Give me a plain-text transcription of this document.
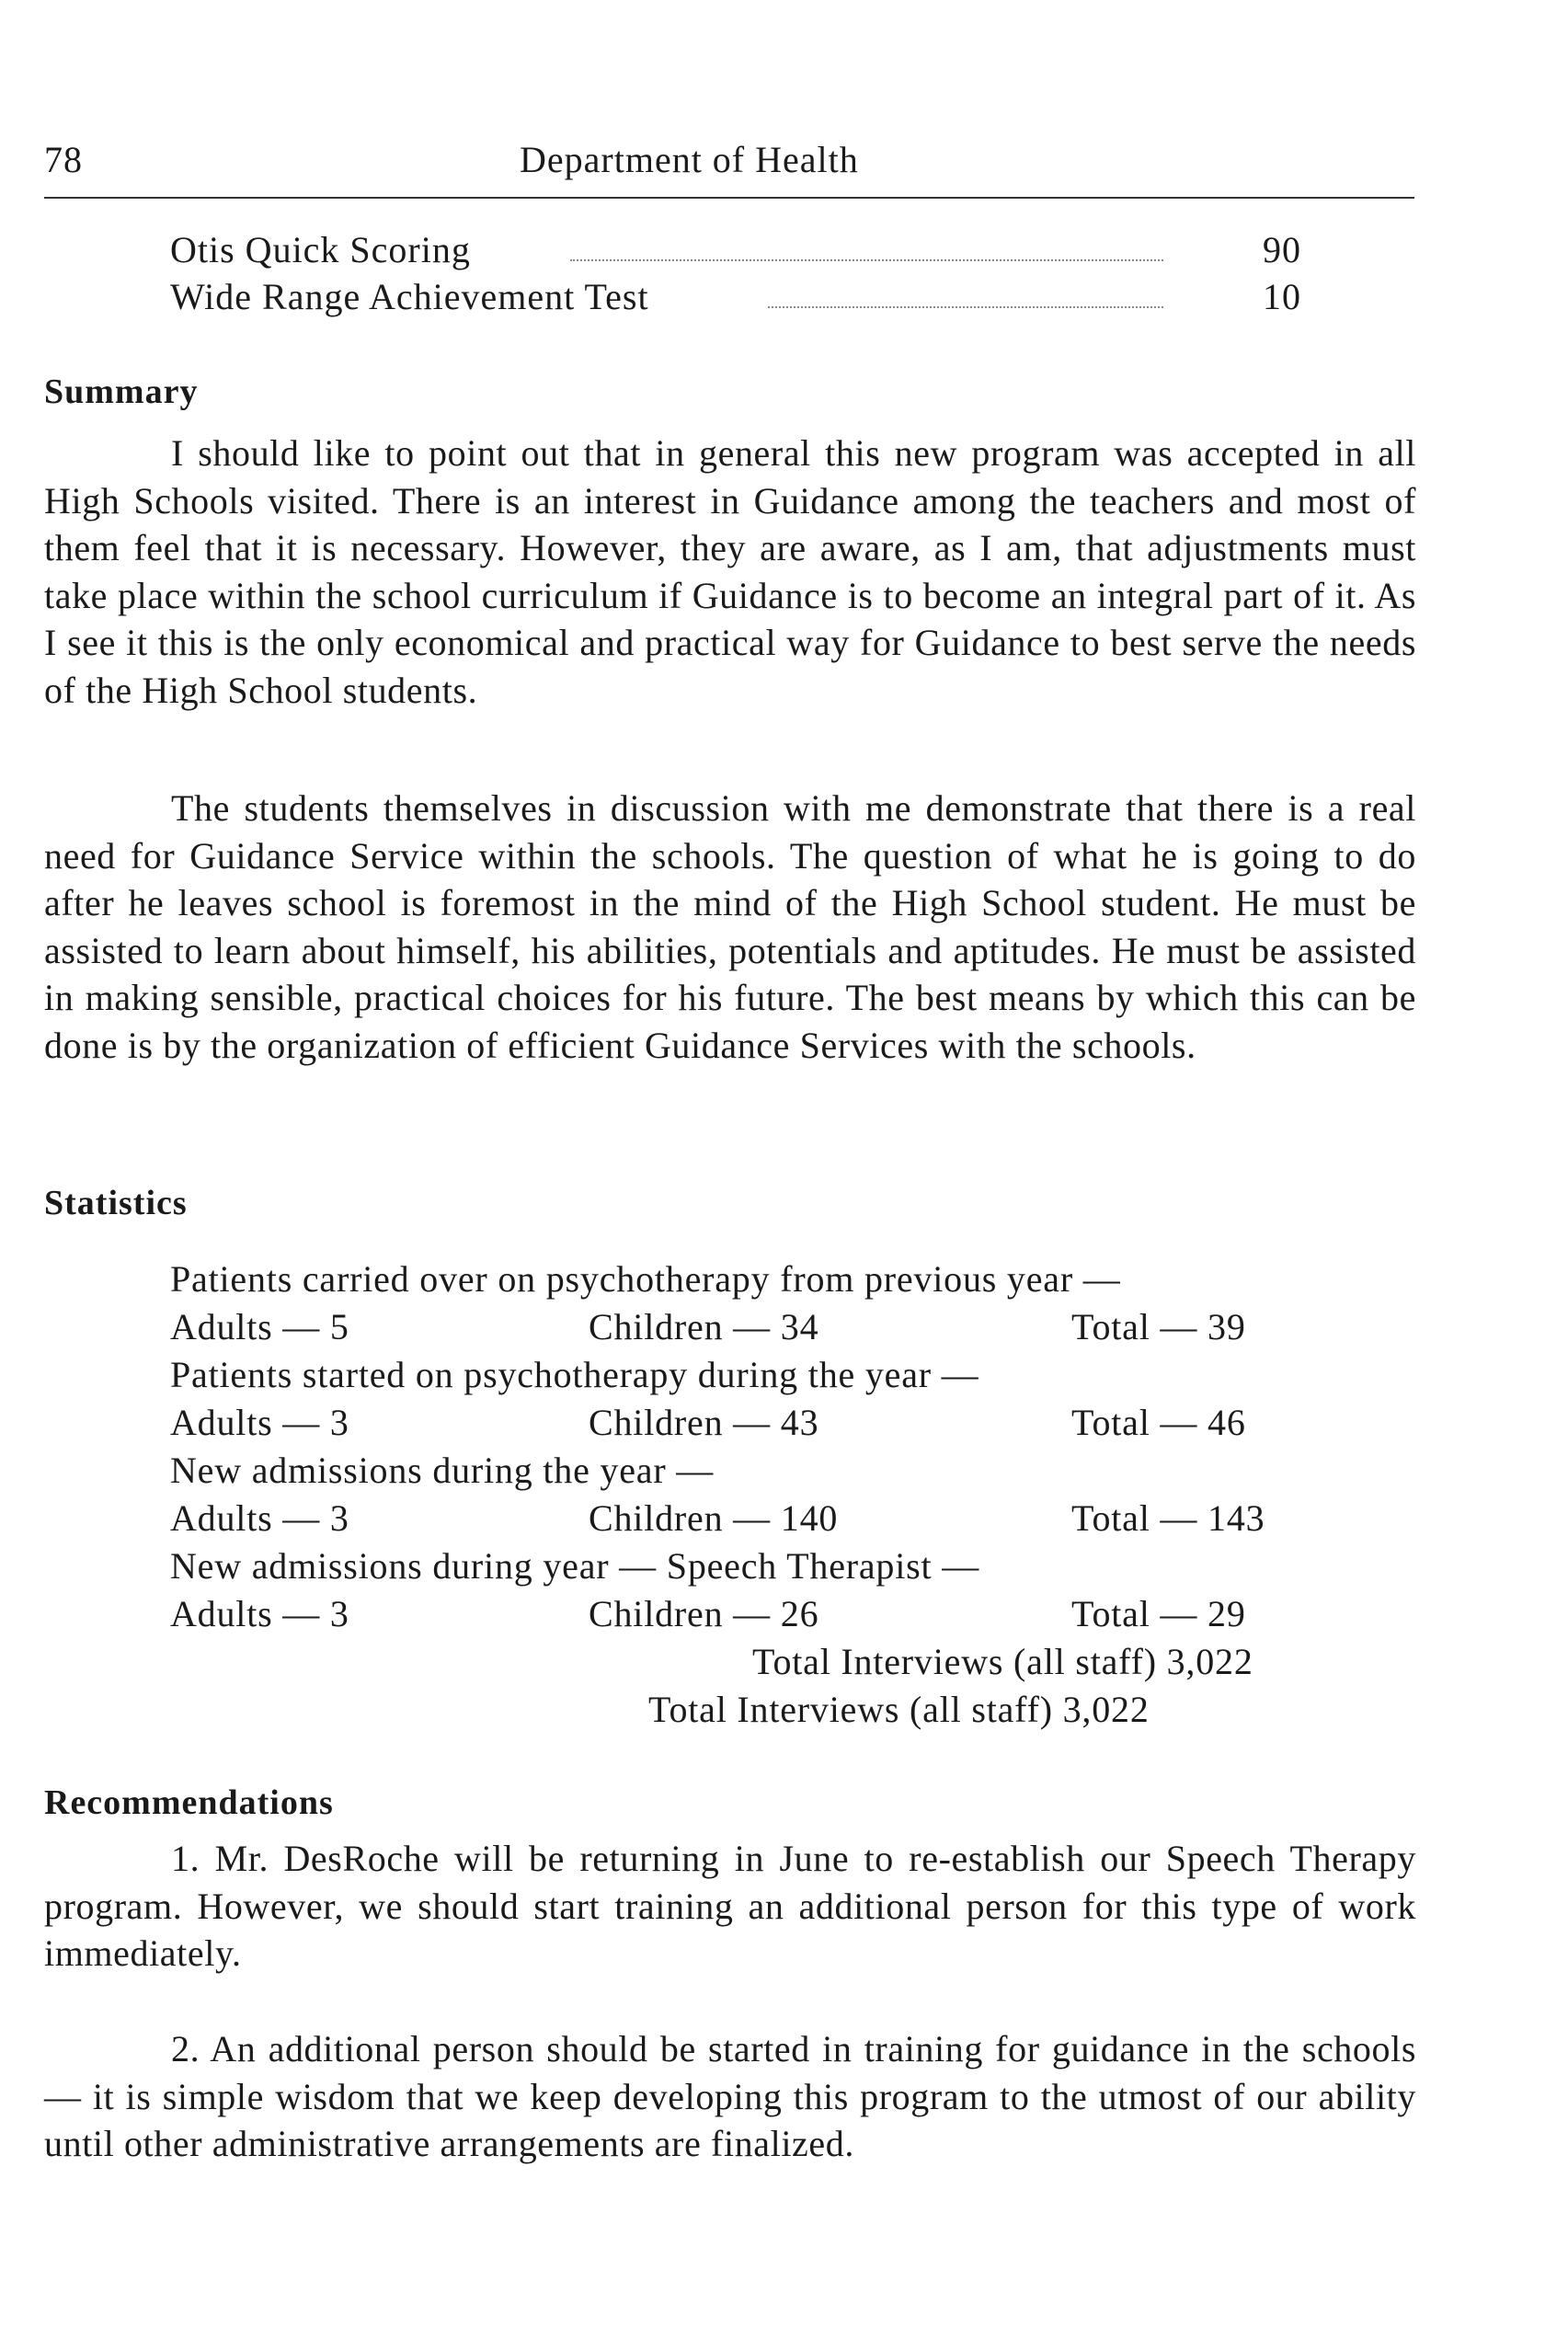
78	Department of Health
Otis Quick Scoring	90
Wide Range Achievement Test	10
Summary

I should like to point out that in general this new program was accepted in all High Schools visited. There is an interest in Guidance among the teachers and most of them feel that it is necessary. However, they are aware, as I am, that adjustments must take place within the school curriculum if Guidance is to become an integral part of it. As I see it this is the only economical and practical way for Guidance to best serve the needs of the High School students.

The students themselves in discussion with me demonstrate that there is a real need for Guidance Service within the schools. The question of what he is going to do after he leaves school is foremost in the mind of the High School student. He must be assisted to learn about himself, his abilities, potentials and aptitudes. He must be assisted in making sensible, practical choices for his future. The best means by which this can be done is by the organization of efficient Guidance Services with the schools.

Statistics
Patients carried over on psychotherapy from previous year —
Adults — 5	Children — 34	Total — 39
Patients started on psychotherapy during the year —
Adults — 3	Children — 43	Total — 46
New admissions during the year —
Adults — 3	Children — 140	Total — 143
New admissions during year — Speech Therapist —
Adults — 3	Children — 26	Total — 29
Total Interviews (all staff) 3,022
Total Interviews (all staff) 3,022
Recommendations

1. Mr. DesRoche will be returning in June to re-establish our Speech Therapy program. However, we should start training an additional person for this type of work immediately.

2. An additional person should be started in training for guidance in the schools — it is simple wisdom that we keep developing this program to the utmost of our ability until other administrative arrangements are finalized.
